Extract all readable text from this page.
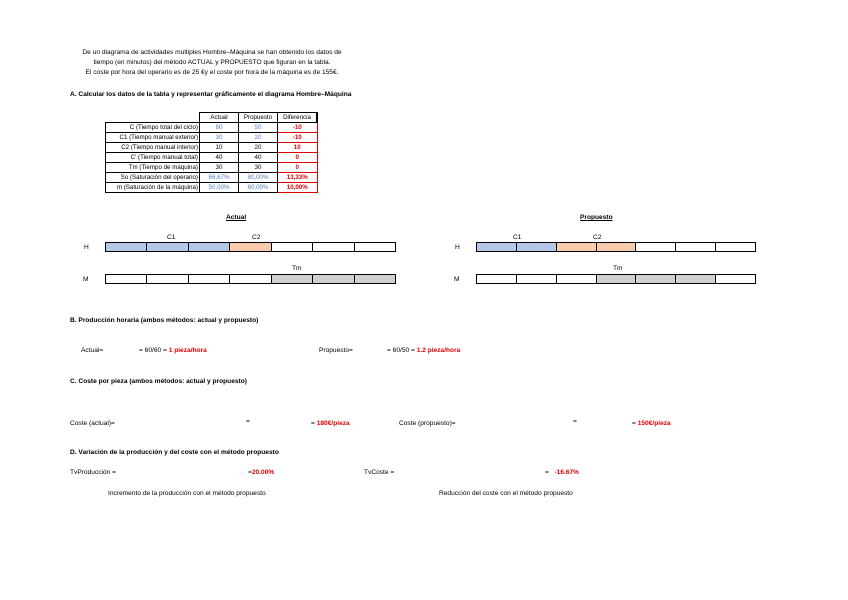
De un diagrama de actividades múltiples Hombre–Máquina se han obtenido los datos de
tiempo (en minutos) del método ACTUAL y PROPUESTO que figuran en la tabla.
El coste por hora del operario es de 25 €y el coste por hora de la máquina es de 155€.
A. Calcular los datos de la tabla y representar gráficamente el diagrama Hombre–Máquina
	Actual	Propuesto	Diferencia
C (Tiempo total del ciclo)	60	50	-10
C1 (Tiempo manual exterior)	30	20	-10
C2 (Tiempo manual interior)	10	20	10
C' (Tiempo manual total)	40	40	0
Tm (Tiempo de máquina)	30	30	0
So (Saturación del operario)	66,67%	80,00%	13,33%
m (Saturación de la máquina)	50,00%	60,00%	10,00%
Actual
C1	C2
H
Tm
M
Propuesto
C1	C2
H
Tm
M
B. Producción horaria (ambos métodos: actual y propuesto)
Actual=	= 60/60 = 1 pieza/hora	Propuesto=	= 60/50 = 1.2 pieza/hora
C. Coste por pieza (ambos métodos: actual y propuesto)
Coste (actual)=	=	= 180€/pieza	Coste (propuesto)=	=	= 150€/pieza
D. Variación de la producción y del coste con el método propuesto
TvProducción =	=20.00%	TvCoste =	= -16.67%
Incremento de la producción con el método propuesto	Reducción del coste con el método propuesto
